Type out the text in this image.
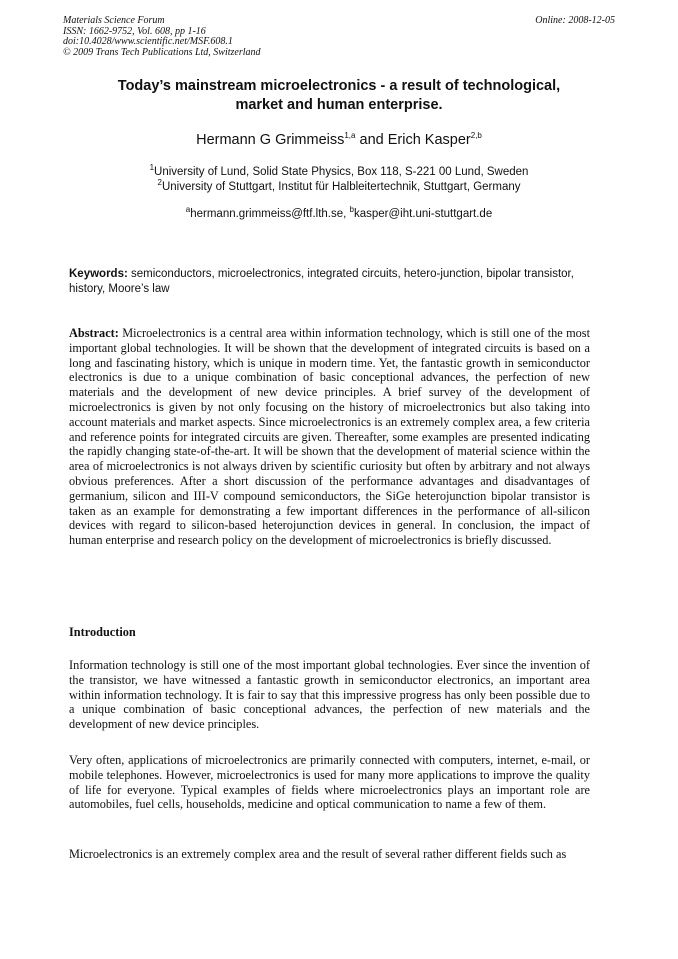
Materials Science Forum
ISSN: 1662-9752, Vol. 608, pp 1-16
doi:10.4028/www.scientific.net/MSF.608.1
© 2009 Trans Tech Publications Ltd, Switzerland
Online: 2008-12-05
Today’s mainstream microelectronics - a result of technological,
market and human enterprise.
Hermann G Grimmeiss$^{1,a}$ and Erich Kasper$^{2,b}$
$^1$University of Lund, Solid State Physics, Box 118, S-221 00 Lund, Sweden
$^2$University of Stuttgart, Institut für Halbleitertechnik, Stuttgart, Germany
$^a$hermann.grimmeiss@ftf.lth.se, $^b$kasper@iht.uni-stuttgart.de
Keywords: semiconductors, microelectronics, integrated circuits, hetero-junction, bipolar transistor, history, Moore’s law
Abstract: Microelectronics is a central area within information technology, which is still one of the most important global technologies. It will be shown that the development of integrated circuits is based on a long and fascinating history, which is unique in modern time. Yet, the fantastic growth in semiconductor electronics is due to a unique combination of basic conceptional advances, the perfection of new materials and the development of new device principles. A brief survey of the development of microelectronics is given by not only focusing on the history of microelectronics but also taking into account materials and market aspects. Since microelectronics is an extremely complex area, a few criteria and reference points for integrated circuits are given. Thereafter, some examples are presented indicating the rapidly changing state-of-the-art. It will be shown that the development of material science within the area of microelectronics is not always driven by scientific curiosity but often by arbitrary and not always obvious preferences. After a short discussion of the performance advantages and disadvantages of germanium, silicon and III-V compound semiconductors, the SiGe heterojunction bipolar transistor is taken as an example for demonstrating a few important differences in the performance of all-silicon devices with regard to silicon-based heterojunction devices in general. In conclusion, the impact of human enterprise and research policy on the development of microelectronics is briefly discussed.
Introduction

Information technology is still one of the most important global technologies. Ever since the invention of the transistor, we have witnessed a fantastic growth in semiconductor electronics, an important area within information technology. It is fair to say that this impressive progress has only been possible due to a unique combination of basic conceptional advances, the perfection of new materials and the development of new device principles.

Very often, applications of microelectronics are primarily connected with computers, internet, e-mail, or mobile telephones. However, microelectronics is used for many more applications to improve the quality of life for everyone. Typical examples of fields where microelectronics plays an important role are automobiles, fuel cells, households, medicine and optical communication to name a few of them.

Microelectronics is an extremely complex area and the result of several rather different fields such as
